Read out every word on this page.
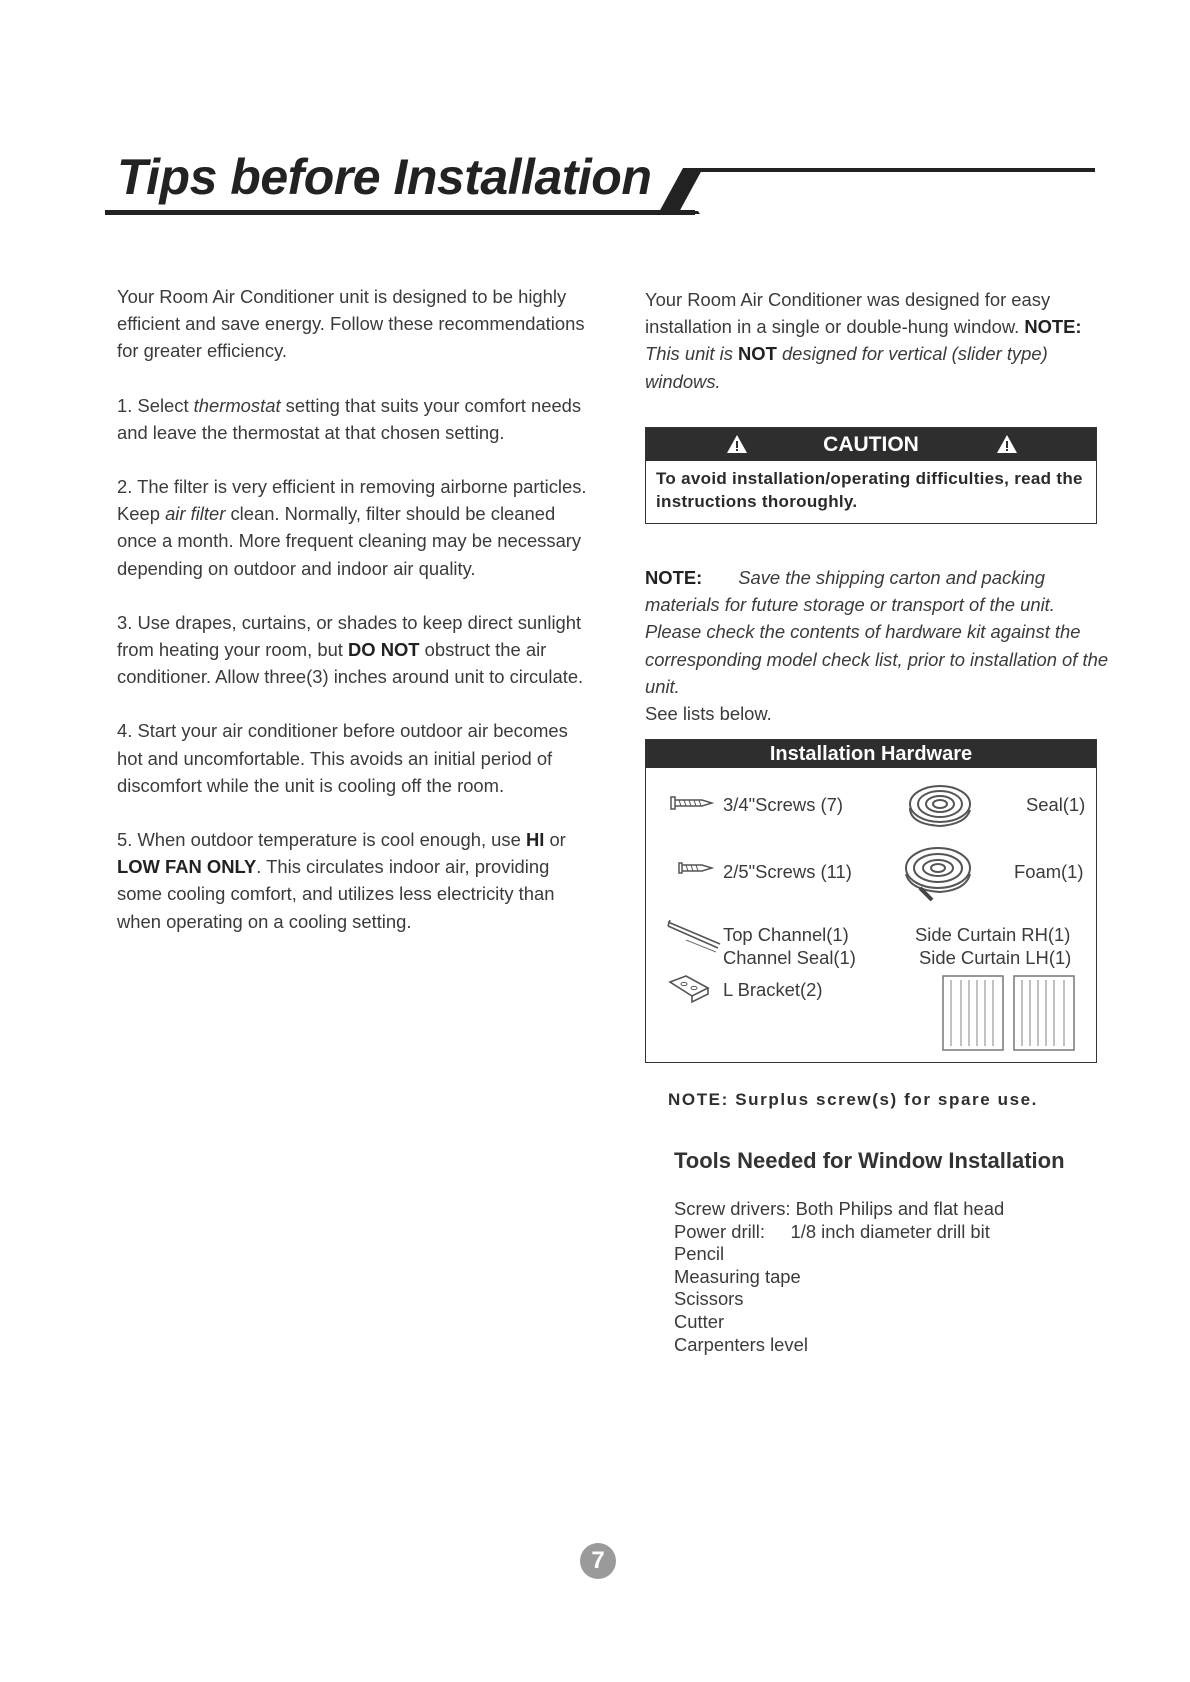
Tips before Installation

Your Room Air Conditioner unit is designed to be highly efficient and save energy. Follow these recommendations for greater efficiency.

1. Select thermostat setting that suits your comfort needs and leave the thermostat at that chosen setting.

2. The filter is very efficient in removing airborne particles. Keep air filter clean. Normally, filter should be cleaned once a month. More frequent cleaning may be necessary depending on outdoor and indoor air quality.

3. Use drapes, curtains, or shades to keep direct sunlight from heating your room, but DO NOT obstruct the air conditioner. Allow three(3) inches around unit to circulate.

4. Start your air conditioner before outdoor air becomes hot and uncomfortable. This avoids an initial period of discomfort while the unit is cooling off the room.

5. When outdoor temperature is cool enough, use HI or LOW FAN ONLY. This circulates indoor air, providing some cooling comfort, and utilizes less electricity than when operating on a cooling setting.

Your Room Air Conditioner was designed for easy installation in a single or double-hung window. NOTE: This unit is NOT designed for vertical (slider type) windows.

CAUTION
To avoid installation/operating difficulties, read the instructions thoroughly.

NOTE: Save the shipping carton and packing materials for future storage or transport of the unit. Please check the contents of hardware kit against the corresponding model check list, prior to installation of the unit.

See lists below.

Installation Hardware
3/4"Screws (7)	Seal(1)
2/5"Screws (11)	Foam(1)
Top Channel(1)
Channel Seal(1)
Side Curtain RH(1)
Side Curtain LH(1)
L Bracket(2)
NOTE: Surplus screw(s) for spare use.
Tools Needed for Window Installation
Screw drivers: Both Philips and flat head
Power drill:     1/8 inch diameter drill bit
Pencil
Measuring tape
Scissors
Cutter
Carpenters level
7
